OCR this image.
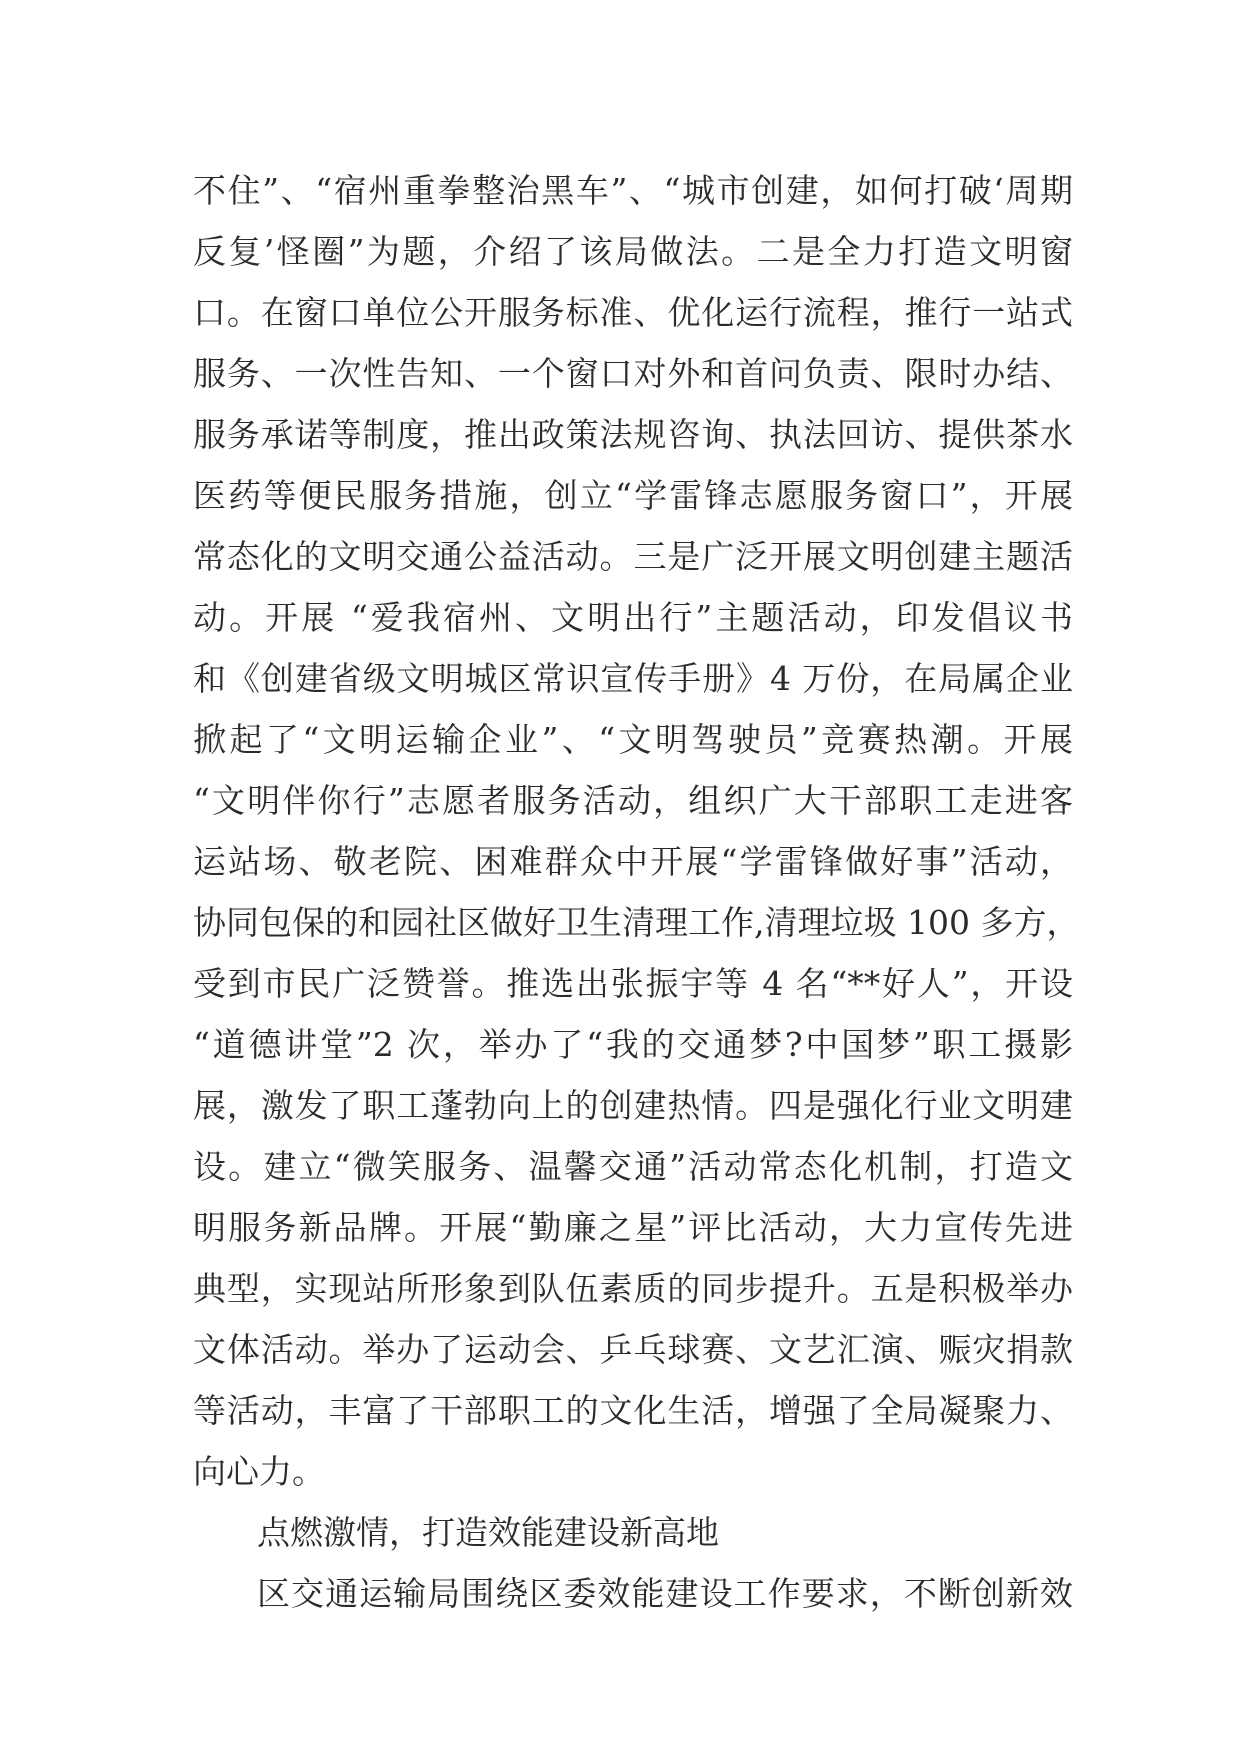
不住”、“宿州重拳整治黑车”、“城市创建，如何打破‘周期
反复’怪圈”为题，介绍了该局做法。二是全力打造文明窗
口。在窗口单位公开服务标准、优化运行流程，推行一站式
服务、一次性告知、一个窗口对外和首问负责、限时办结、
服务承诺等制度，推出政策法规咨询、执法回访、提供茶水
医药等便民服务措施，创立“学雷锋志愿服务窗口”，开展
常态化的文明交通公益活动。三是广泛开展文明创建主题活
动。开展 “爱我宿州、文明出行”主题活动，印发倡议书
和《创建省级文明城区常识宣传手册》4 万份，在局属企业
掀起了“文明运输企业”、“文明驾驶员”竞赛热潮。开展
“文明伴你行”志愿者服务活动，组织广大干部职工走进客
运站场、敬老院、困难群众中开展“学雷锋做好事”活动，
协同包保的和园社区做好卫生清理工作,清理垃圾 100 多方，
受到市民广泛赞誉。推选出张振宇等 4 名“**好人”，开设
“道德讲堂”2 次，举办了“我的交通梦?中国梦”职工摄影
展，激发了职工蓬勃向上的创建热情。四是强化行业文明建
设。建立“微笑服务、温馨交通”活动常态化机制，打造文
明服务新品牌。开展“勤廉之星”评比活动，大力宣传先进
典型，实现站所形象到队伍素质的同步提升。五是积极举办
文体活动。举办了运动会、乒乓球赛、文艺汇演、赈灾捐款
等活动，丰富了干部职工的文化生活，增强了全局凝聚力、
向心力。
点燃激情，打造效能建设新高地
区交通运输局围绕区委效能建设工作要求，不断创新效
